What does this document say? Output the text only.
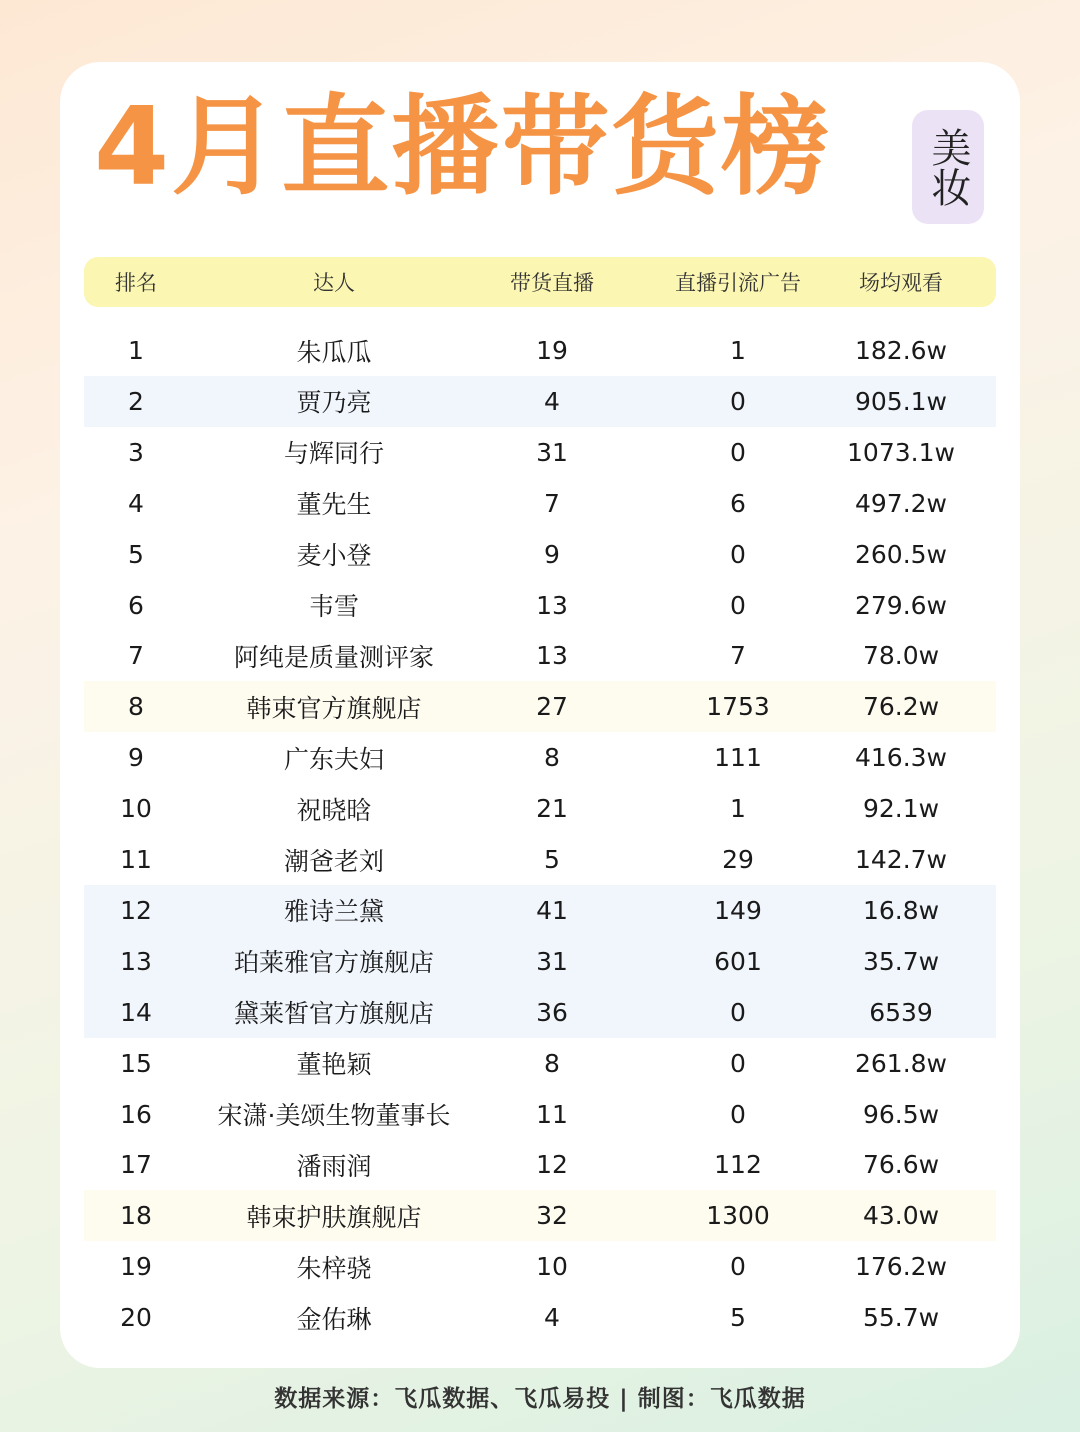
4月直播带货榜 美妆
排名	达人	带货直播	直播引流广告	场均观看
1	朱瓜瓜	19	1	182.6w
2	贾乃亮	4	0	905.1w
3	与辉同行	31	0	1073.1w
4	董先生	7	6	497.2w
5	麦小登	9	0	260.5w
6	韦雪	13	0	279.6w
7	阿纯是质量测评家	13	7	78.0w
8	韩束官方旗舰店	27	1753	76.2w
9	广东夫妇	8	111	416.3w
10	祝晓晗	21	1	92.1w
11	潮爸老刘	5	29	142.7w
12	雅诗兰黛	41	149	16.8w
13	珀莱雅官方旗舰店	31	601	35.7w
14	黛莱皙官方旗舰店	36	0	6539
15	董艳颖	8	0	261.8w
16	宋潇·美颂生物董事长	11	0	96.5w
17	潘雨润	12	112	76.6w
18	韩束护肤旗舰店	32	1300	43.0w
19	朱梓骁	10	0	176.2w
20	金佑琳	4	5	55.7w
数据来源：飞瓜数据、飞瓜易投 | 制图：飞瓜数据
